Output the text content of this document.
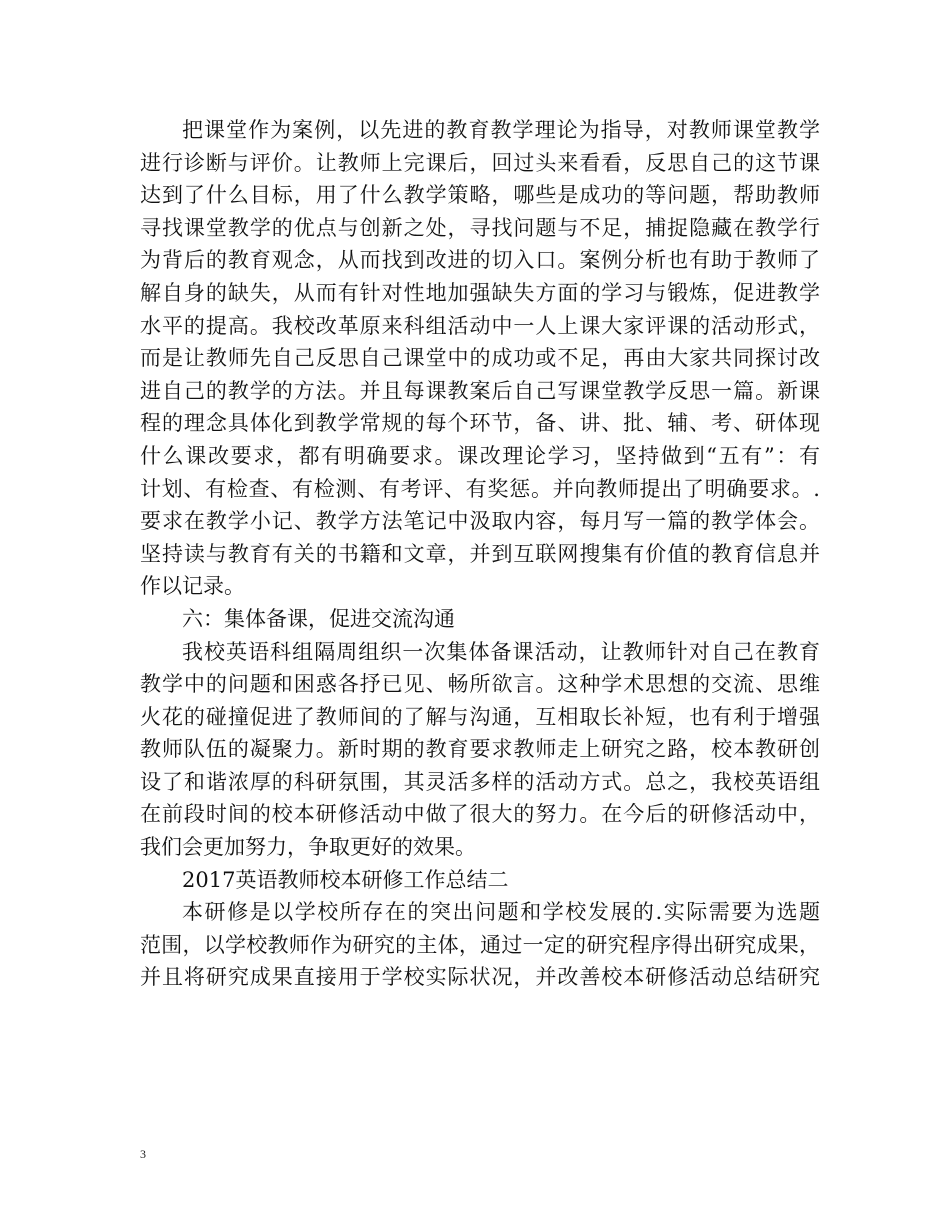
把课堂作为案例，以先进的教育教学理论为指导，对教师课堂教学
进行诊断与评价。让教师上完课后，回过头来看看，反思自己的这节课
达到了什么目标，用了什么教学策略，哪些是成功的等问题，帮助教师
寻找课堂教学的优点与创新之处，寻找问题与不足，捕捉隐藏在教学行
为背后的教育观念，从而找到改进的切入口。案例分析也有助于教师了
解自身的缺失，从而有针对性地加强缺失方面的学习与锻炼，促进教学
水平的提高。我校改革原来科组活动中一人上课大家评课的活动形式，
而是让教师先自己反思自己课堂中的成功或不足，再由大家共同探讨改
进自己的教学的方法。并且每课教案后自己写课堂教学反思一篇。新课
程的理念具体化到教学常规的每个环节，备、讲、批、辅、考、研体现
什么课改要求，都有明确要求。课改理论学习，坚持做到“五有”：有
计划、有检查、有检测、有考评、有奖惩。并向教师提出了明确要求。.
要求在教学小记、教学方法笔记中汲取内容，每月写一篇的教学体会。
坚持读与教育有关的书籍和文章，并到互联网搜集有价值的教育信息并
作以记录。
六：集体备课，促进交流沟通
我校英语科组隔周组织一次集体备课活动，让教师针对自己在教育
教学中的问题和困惑各抒已见、畅所欲言。这种学术思想的交流、思维
火花的碰撞促进了教师间的了解与沟通，互相取长补短，也有利于增强
教师队伍的凝聚力。新时期的教育要求教师走上研究之路，校本教研创
设了和谐浓厚的科研氛围，其灵活多样的活动方式。总之，我校英语组
在前段时间的校本研修活动中做了很大的努力。在今后的研修活动中，
我们会更加努力，争取更好的效果。
2017英语教师校本研修工作总结二
本研修是以学校所存在的突出问题和学校发展的.实际需要为选题
范围，以学校教师作为研究的主体，通过一定的研究程序得出研究成果，
并且将研究成果直接用于学校实际状况，并改善校本研修活动总结研究
3
